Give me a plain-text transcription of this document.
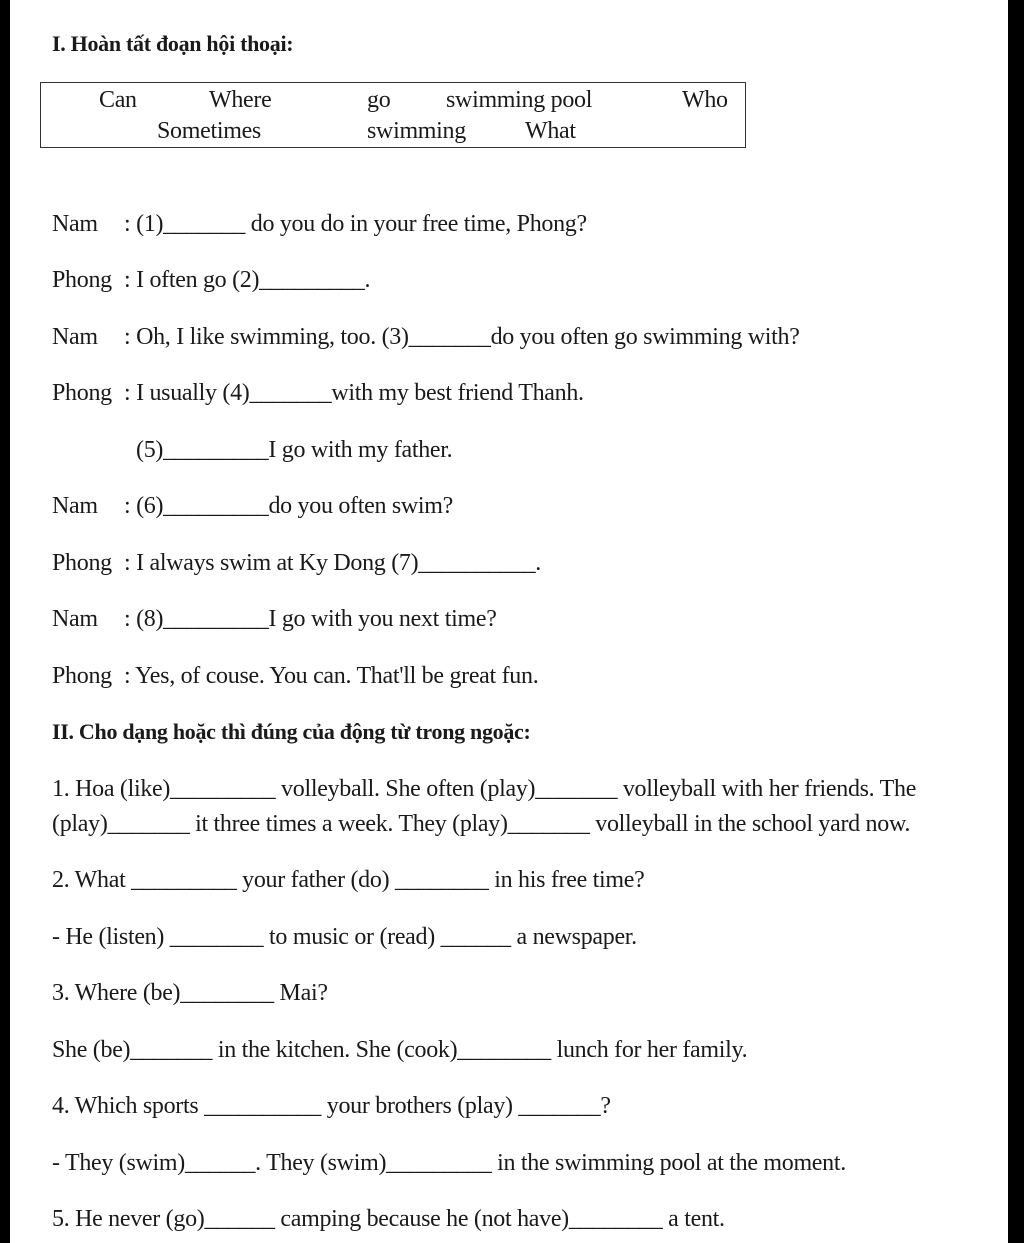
I. Hoàn tất đoạn hội thoại:
Can	Where	go swimming pool	Who
Sometimes	swimming What
Nam : (1)_______ do you do in your free time, Phong?
Phong : I often go (2)_________.
Nam : Oh, I like swimming, too. (3)_______do you often go swimming with?
Phong : I usually (4)_______with my best friend Thanh.
(5)_________I go with my father.
Nam : (6)_________do you often swim?
Phong : I always swim at Ky Dong (7)__________.
Nam : (8)_________I go with you next time?
Phong : Yes, of couse. You can. That'll be great fun.
II. Cho dạng hoặc thì đúng của động từ trong ngoặc:
1. Hoa (like)_________ volleyball. She often (play)_______ volleyball with her friends. The
(play)_______ it three times a week. They (play)_______ volleyball in the school yard now.
2. What _________ your father (do) ________ in his free time?
- He (listen) ________ to music or (read) ______ a newspaper.
3. Where (be)________ Mai?
She (be)_______ in the kitchen. She (cook)________ lunch for her family.
4. Which sports __________ your brothers (play) _______?
- They (swim)______. They (swim)_________ in the swimming pool at the moment.
5. He never (go)______ camping because he (not have)________ a tent.
